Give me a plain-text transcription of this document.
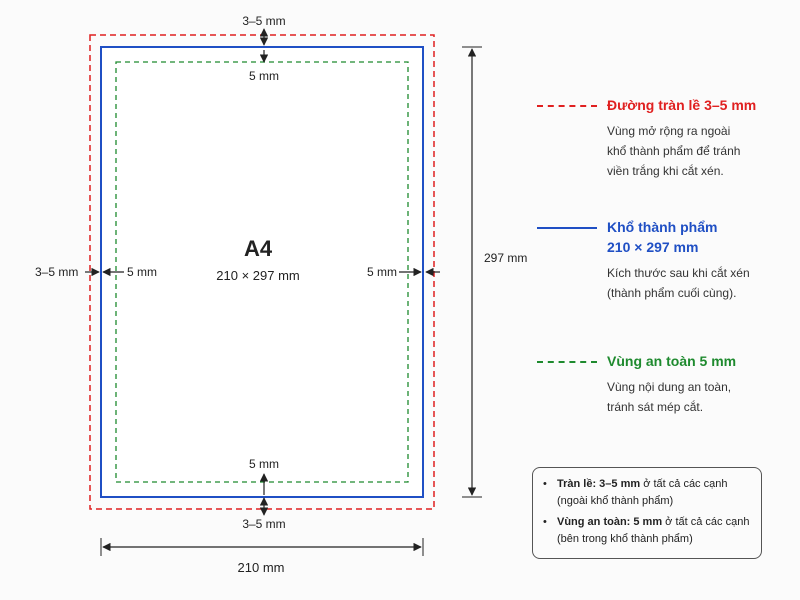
A4
210 × 297 mm
3–5 mm
5 mm
5 mm
3–5 mm
3–5 mm	5 mm	5 mm
297 mm
210 mm
Đường tràn lề 3–5 mm
Vùng mở rộng ra ngoài
khổ thành phẩm để tránh
viền trắng khi cắt xén.
Khổ thành phẩm
210 × 297 mm
Kích thước sau khi cắt xén
(thành phẩm cuối cùng).
Vùng an toàn 5 mm
Vùng nội dung an toàn,
tránh sát mép cắt.
• Tràn lề: 3–5 mm ở tất cả các cạnh
(ngoài khổ thành phẩm)
• Vùng an toàn: 5 mm ở tất cả các cạnh
(bên trong khổ thành phẩm)
